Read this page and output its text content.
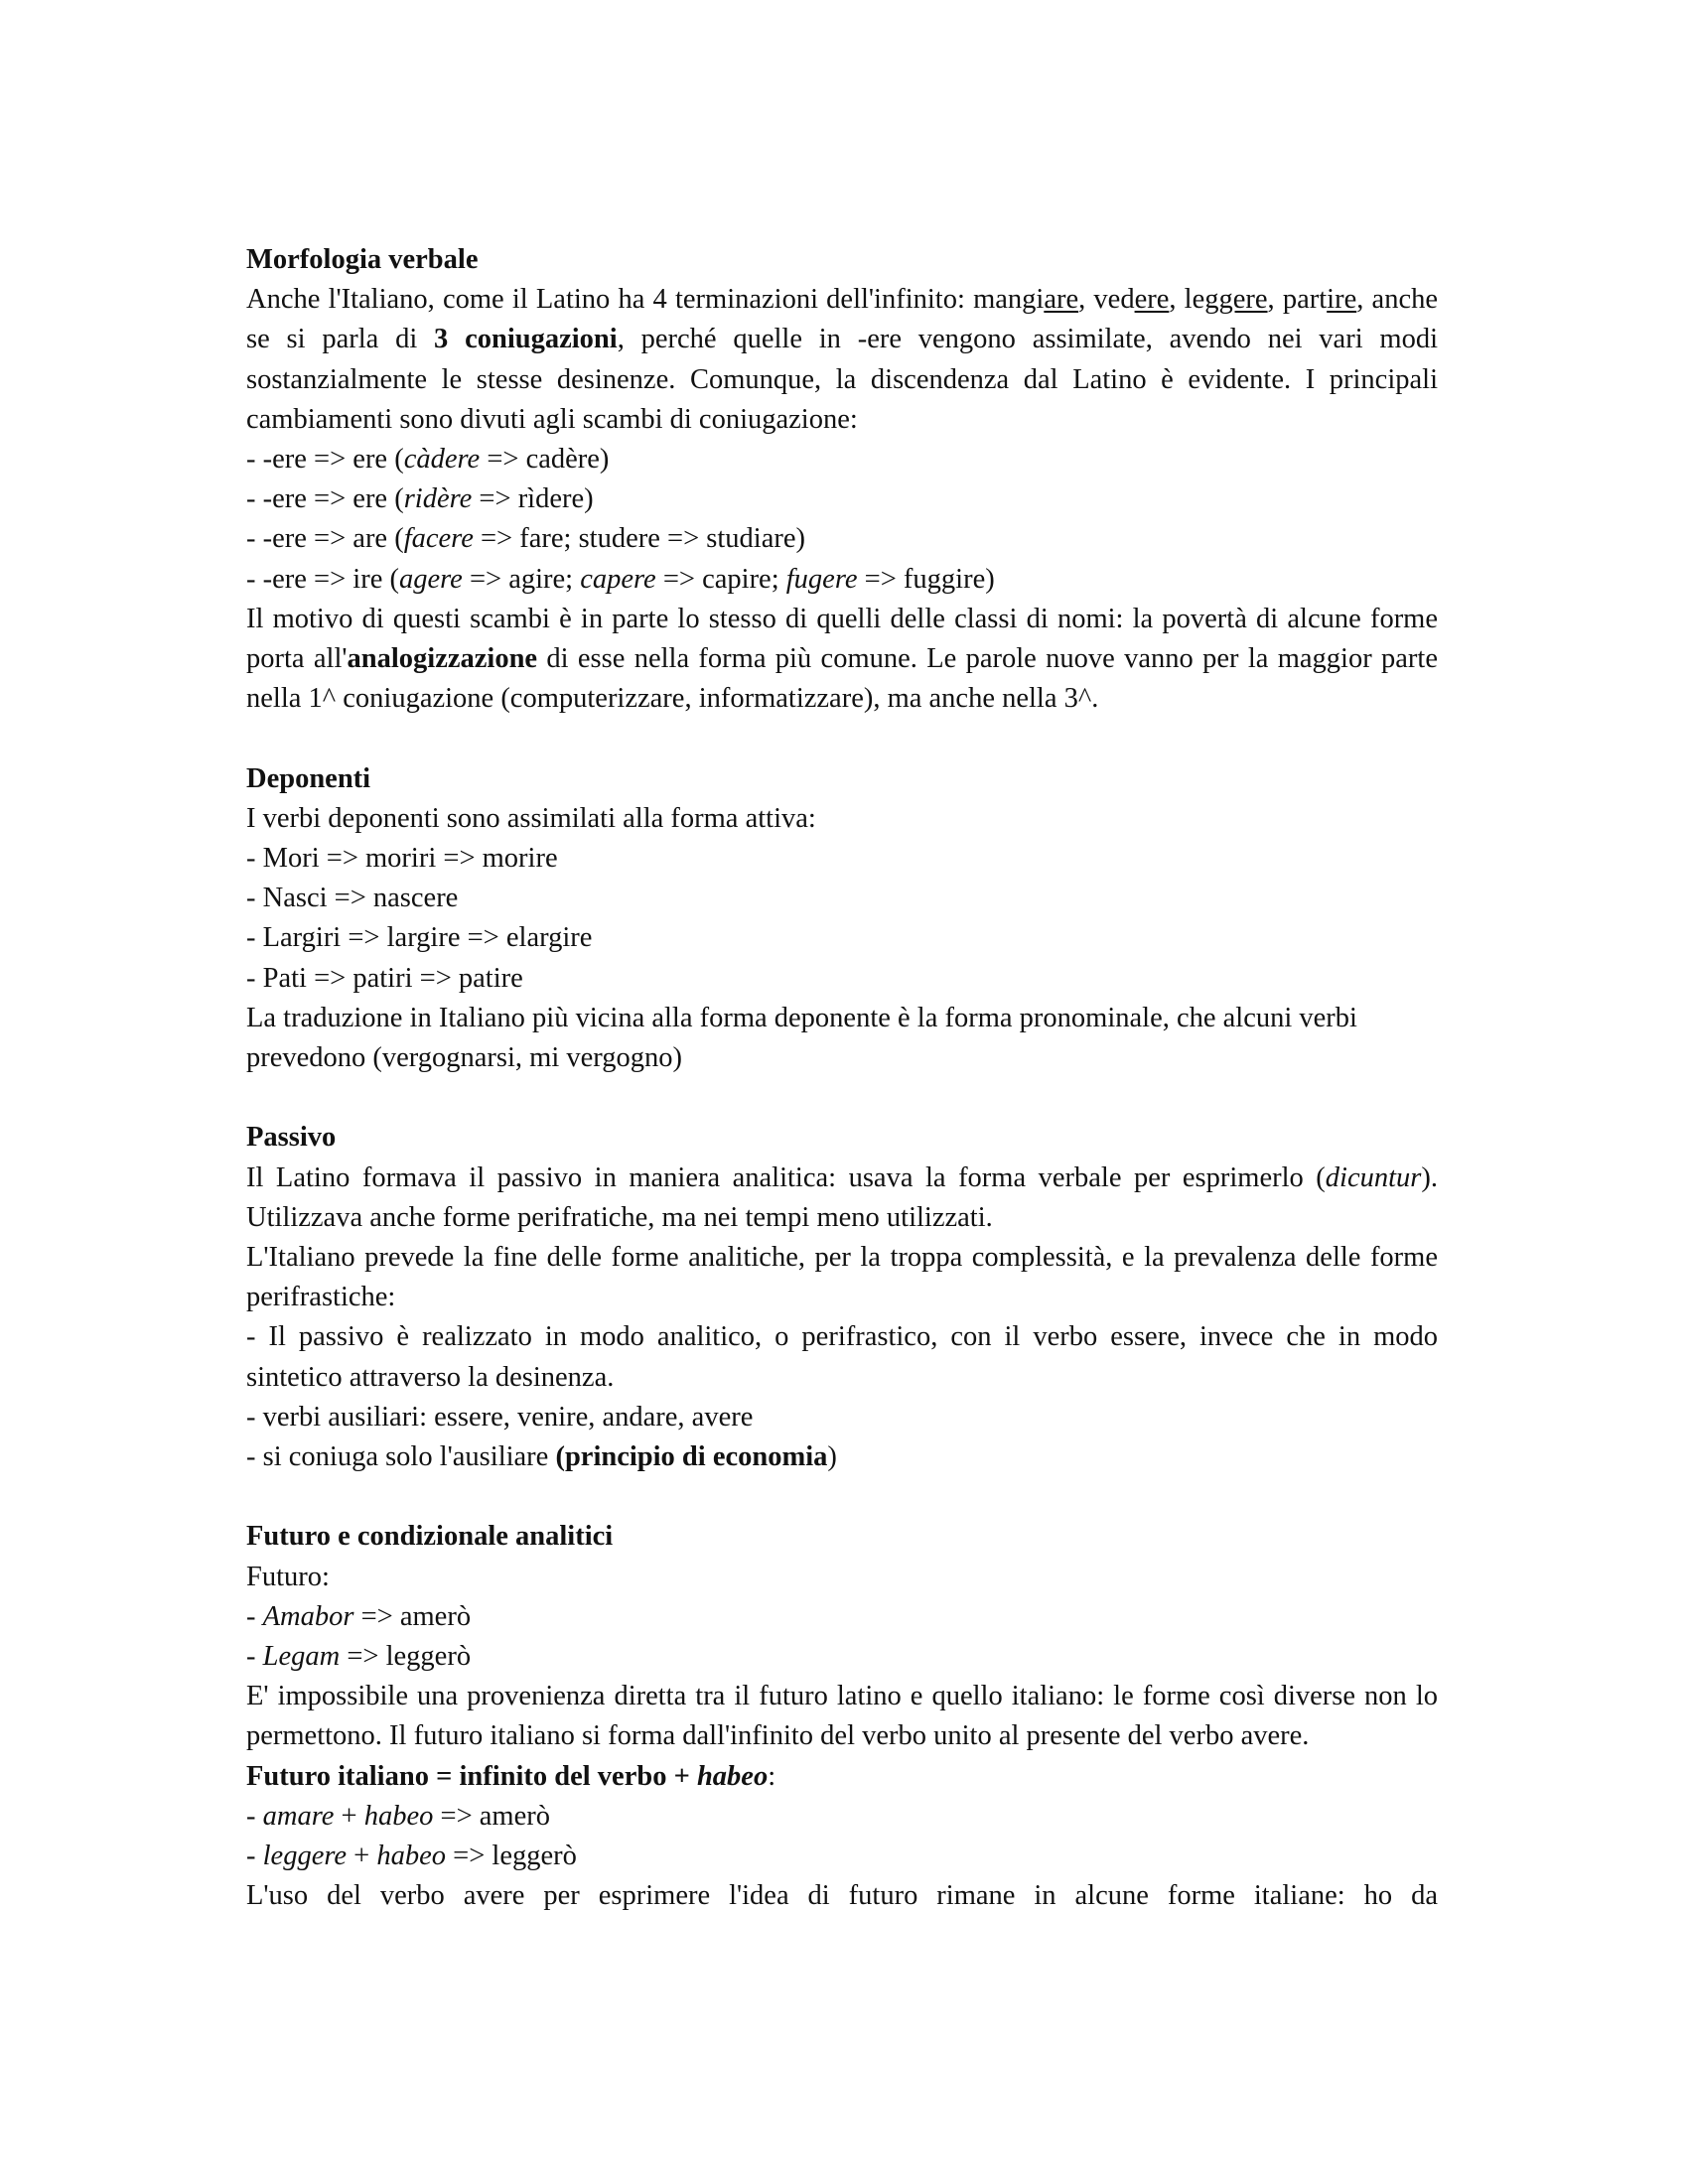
Morfologia verbale

Anche l'Italiano, come il Latino ha 4 terminazioni dell'infinito: mangiare, vedere, leggere, partire, anche se si parla di 3 coniugazioni, perché quelle in -ere vengono assimilate, avendo nei vari modi sostanzialmente le stesse desinenze. Comunque, la discendenza dal Latino è evidente. I principali cambiamenti sono divuti agli scambi di coniugazione:

- -ere => ere (càdere => cadère)

- -ere => ere (ridère => rìdere)

- -ere => are (facere => fare; studere => studiare)

- -ere => ire (agere => agire; capere => capire; fugere => fuggire)

Il motivo di questi scambi è in parte lo stesso di quelli delle classi di nomi: la povertà di alcune forme porta all'analogizzazione di esse nella forma più comune. Le parole nuove vanno per la maggior parte nella 1^ coniugazione (computerizzare, informatizzare), ma anche nella 3^.

Deponenti

I verbi deponenti sono assimilati alla forma attiva:

- Mori => moriri => morire

- Nasci => nascere

- Largiri => largire => elargire

- Pati => patiri => patire

La traduzione in Italiano più vicina alla forma deponente è la forma pronominale, che alcuni verbi prevedono (vergognarsi, mi vergogno)

Passivo

Il Latino formava il passivo in maniera analitica: usava la forma verbale per esprimerlo (dicuntur). Utilizzava anche forme perifratiche, ma nei tempi meno utilizzati.

L'Italiano prevede la fine delle forme analitiche, per la troppa complessità, e la prevalenza delle forme perifrastiche:

- Il passivo è realizzato in modo analitico, o perifrastico, con il verbo essere, invece che in modo sintetico attraverso la desinenza.

- verbi ausiliari: essere, venire, andare, avere

- si coniuga solo l'ausiliare (principio di economia)

Futuro e condizionale analitici

Futuro:

- Amabor => amerò

- Legam => leggerò

E' impossibile una provenienza diretta tra il futuro latino e quello italiano: le forme così diverse non lo permettono. Il futuro italiano si forma dall'infinito del verbo unito al presente del verbo avere.

Futuro italiano = infinito del verbo + habeo:

- amare + habeo => amerò

- leggere + habeo => leggerò

L'uso del verbo avere per esprimere l'idea di futuro rimane in alcune forme italiane: ho da
